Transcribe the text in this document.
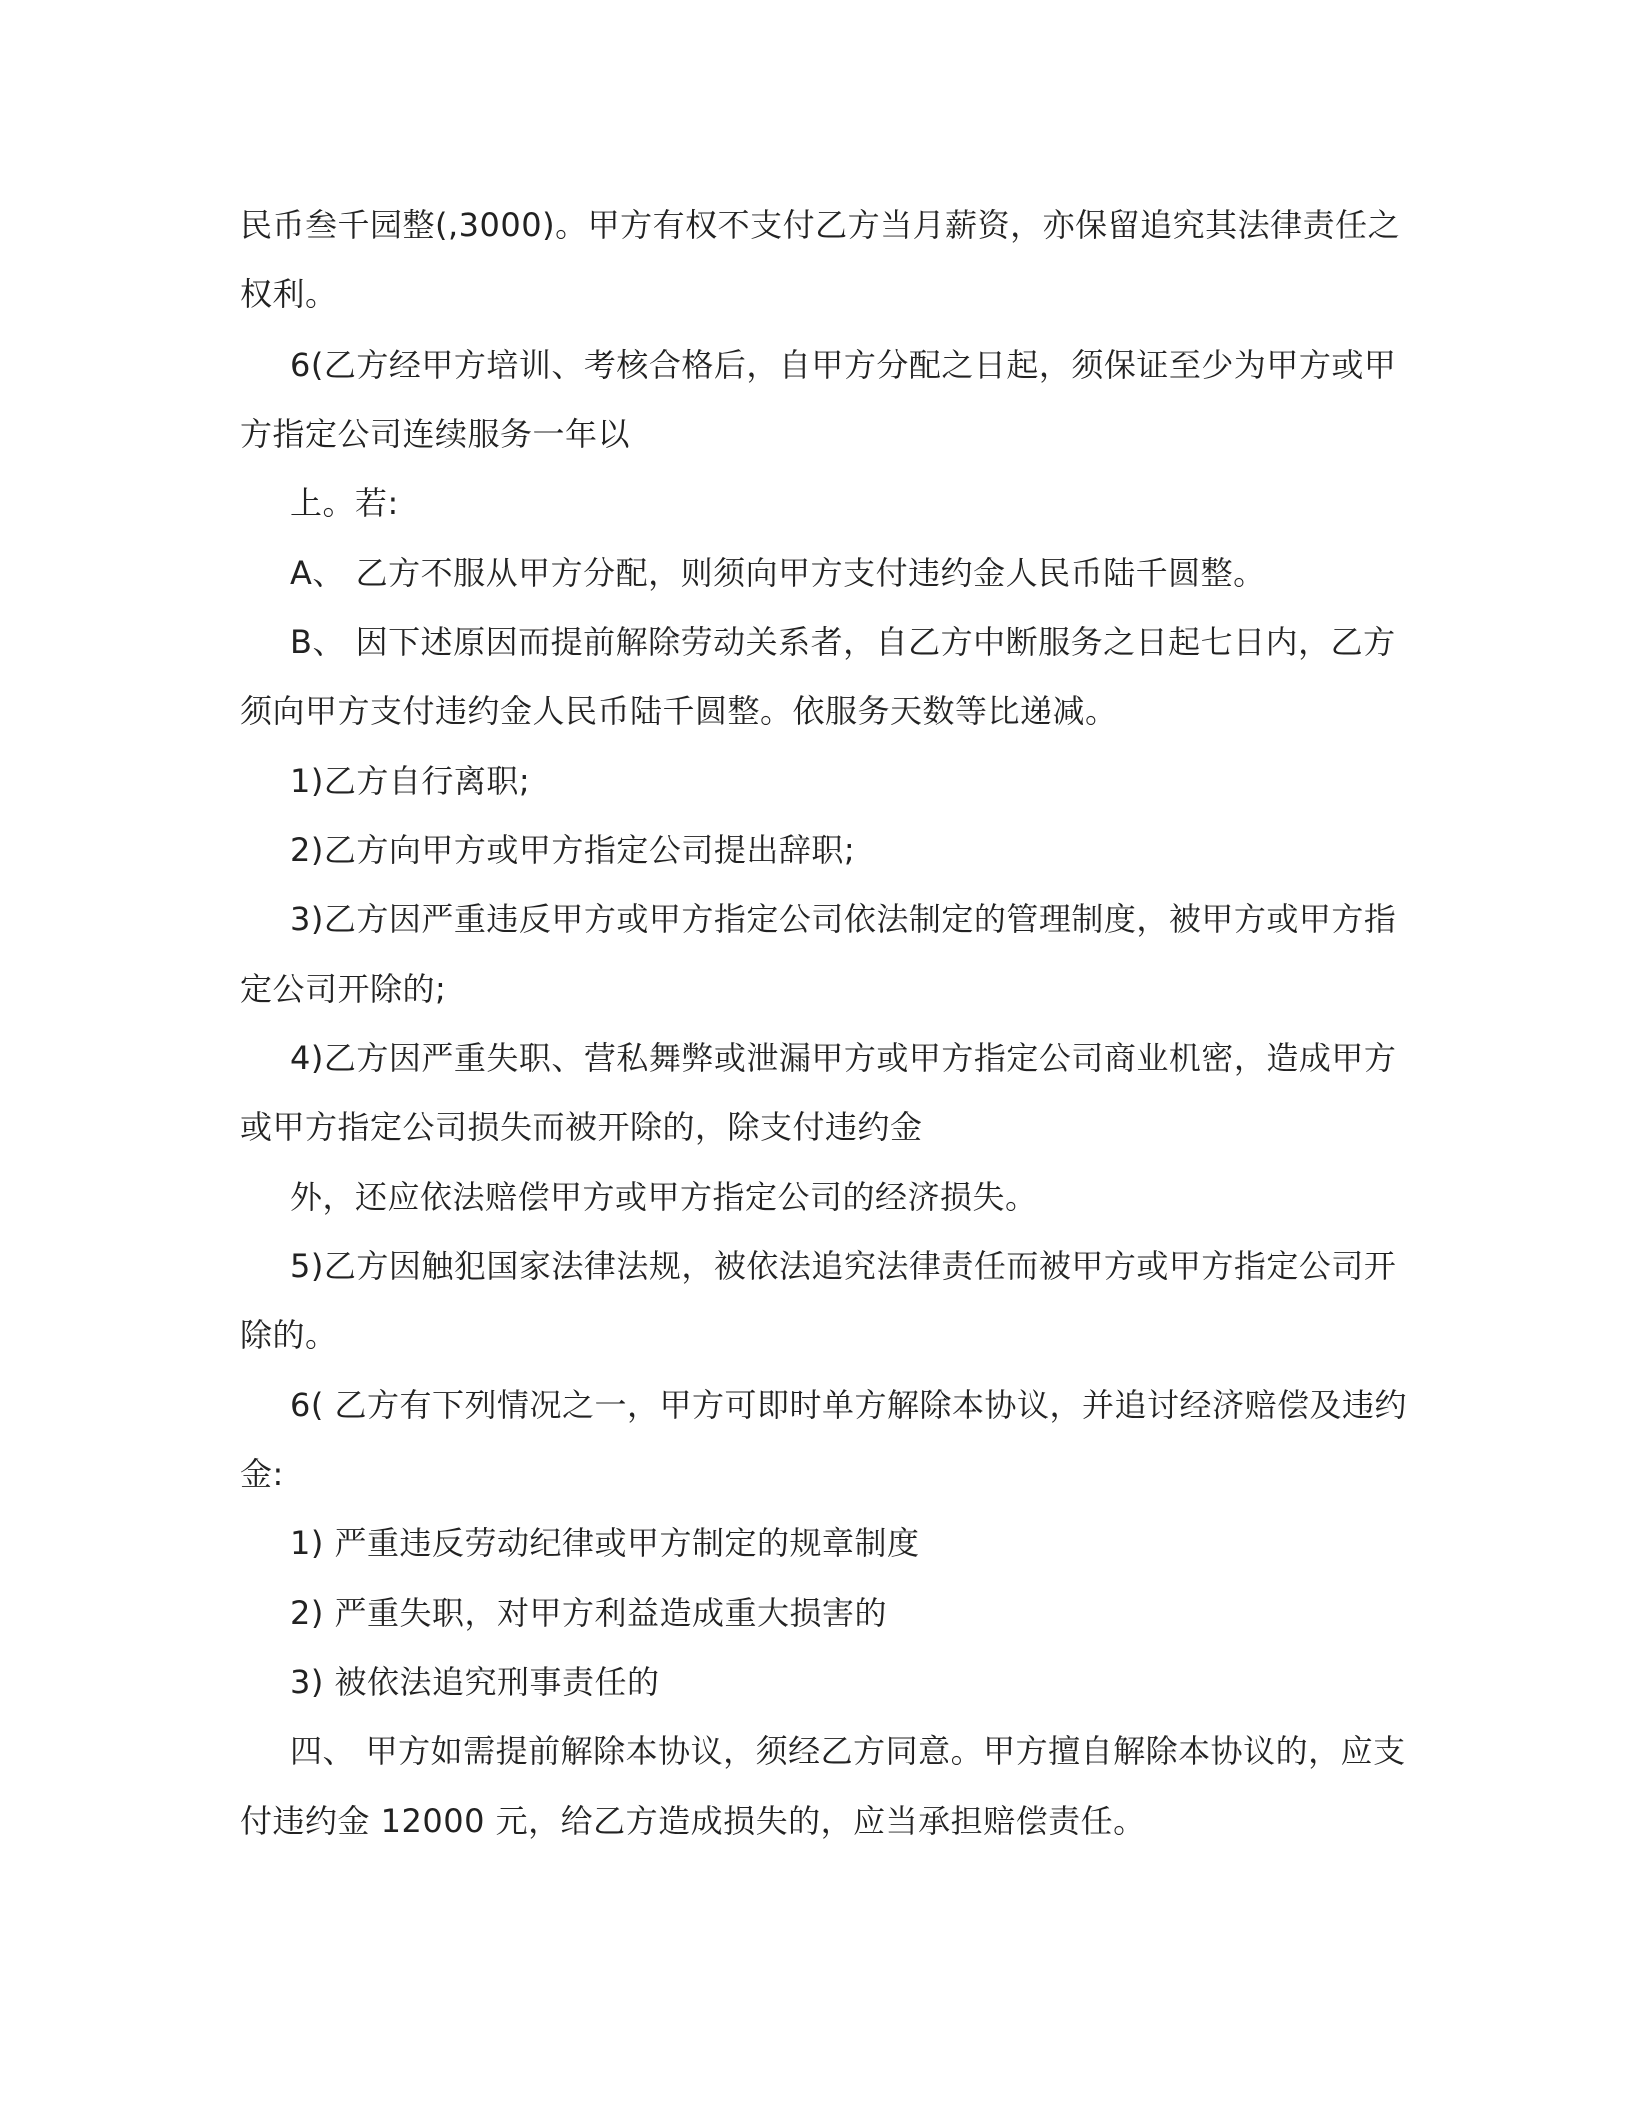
民币叁千园整(,3000)。甲方有权不支付乙方当月薪资，亦保留追究其法律责任之
权利。
6(乙方经甲方培训、考核合格后，自甲方分配之日起，须保证至少为甲方或甲
方指定公司连续服务一年以
上。若:
A、 乙方不服从甲方分配，则须向甲方支付违约金人民币陆千圆整。
B、 因下述原因而提前解除劳动关系者，自乙方中断服务之日起七日内，乙方
须向甲方支付违约金人民币陆千圆整。依服务天数等比递减。
1)乙方自行离职;
2)乙方向甲方或甲方指定公司提出辞职;
3)乙方因严重违反甲方或甲方指定公司依法制定的管理制度，被甲方或甲方指
定公司开除的;
4)乙方因严重失职、营私舞弊或泄漏甲方或甲方指定公司商业机密，造成甲方
或甲方指定公司损失而被开除的，除支付违约金
外，还应依法赔偿甲方或甲方指定公司的经济损失。
5)乙方因触犯国家法律法规，被依法追究法律责任而被甲方或甲方指定公司开
除的。
6( 乙方有下列情况之一，甲方可即时单方解除本协议，并追讨经济赔偿及违约
金:
1) 严重违反劳动纪律或甲方制定的规章制度
2) 严重失职，对甲方利益造成重大损害的
3) 被依法追究刑事责任的
四、 甲方如需提前解除本协议，须经乙方同意。甲方擅自解除本协议的，应支
付违约金 12000 元，给乙方造成损失的，应当承担赔偿责任。
